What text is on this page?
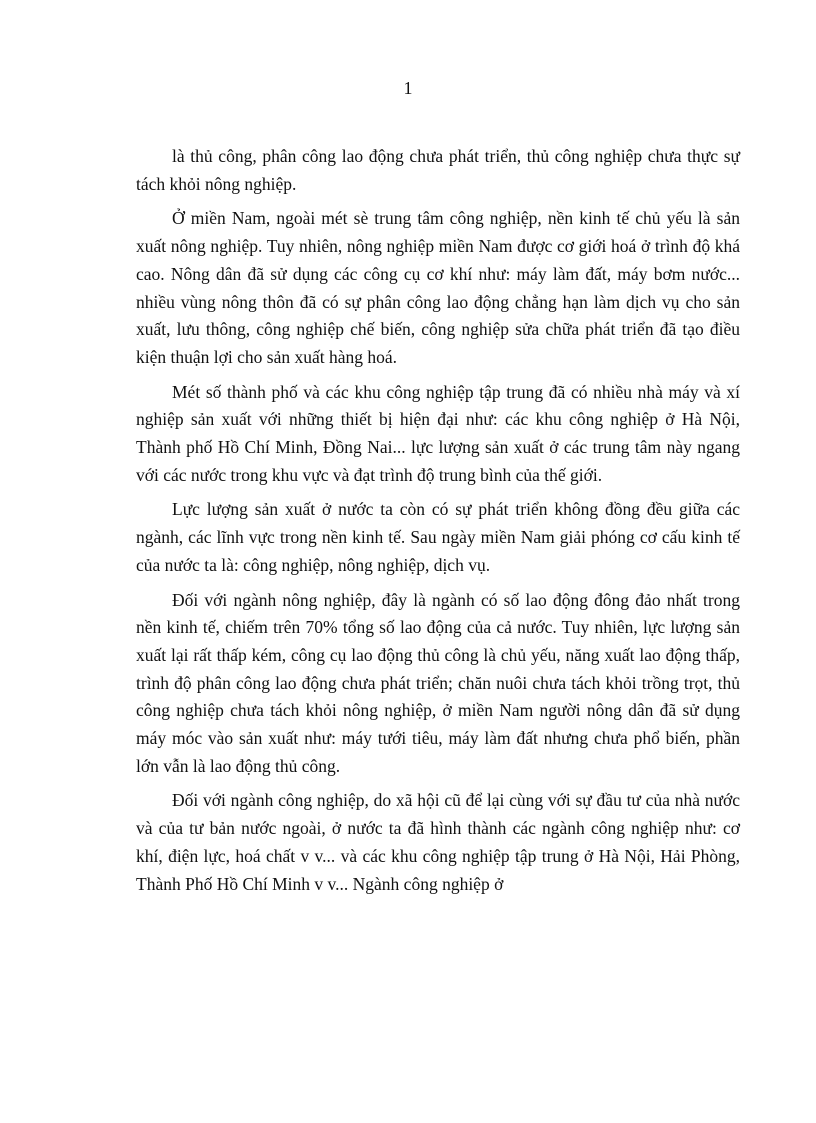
1

là thủ công, phân công lao động chưa phát triển, thủ công nghiệp chưa thực sự tách khỏi nông nghiệp.

Ở miền Nam, ngoài mét sè trung tâm công nghiệp, nền kinh tế chủ yếu là sản xuất nông nghiệp. Tuy nhiên, nông nghiệp miền Nam được cơ giới hoá ở trình độ khá cao. Nông dân đã sử dụng các công cụ cơ khí như: máy làm đất, máy bơm nước... nhiều vùng nông thôn đã có sự phân công lao động chẳng hạn làm dịch vụ cho sản xuất, lưu thông, công nghiệp chế biến, công nghiệp sửa chữa phát triển đã tạo điều kiện thuận lợi cho sản xuất hàng hoá.

Mét số thành phố và các khu công nghiệp tập trung đã có nhiều nhà máy và xí nghiệp sản xuất với những thiết bị hiện đại như: các khu công nghiệp ở Hà Nội, Thành phố Hồ Chí Minh, Đồng Nai... lực lượng sản xuất ở các trung tâm này ngang với các nước trong khu vực và đạt trình độ trung bình của thế giới.

Lực lượng sản xuất ở nước ta còn có sự phát triển không đồng đều giữa các ngành, các lĩnh vực trong nền kinh tế. Sau ngày miền Nam giải phóng cơ cấu kinh tế của nước ta là: công nghiệp, nông nghiệp, dịch vụ.

Đối với ngành nông nghiệp, đây là ngành có số lao động đông đảo nhất trong nền kinh tế, chiếm trên 70% tổng số lao động của cả nước. Tuy nhiên, lực lượng sản xuất lại rất thấp kém, công cụ lao động thủ công là chủ yếu, năng xuất lao động thấp, trình độ phân công lao động chưa phát triển; chăn nuôi chưa tách khỏi trồng trọt, thủ công nghiệp chưa tách khỏi nông nghiệp, ở miền Nam người nông dân đã sử dụng máy móc vào sản xuất như: máy tưới tiêu, máy làm đất nhưng chưa phổ biến, phần lớn vẫn là lao động thủ công.

Đối với ngành công nghiệp, do xã hội cũ để lại cùng với sự đầu tư của nhà nước và của tư bản nước ngoài, ở nước ta đã hình thành các ngành công nghiệp như: cơ khí, điện lực, hoá chất v v... và các khu công nghiệp tập trung ở Hà Nội, Hải Phòng, Thành Phố Hồ Chí Minh v v... Ngành công nghiệp ở
